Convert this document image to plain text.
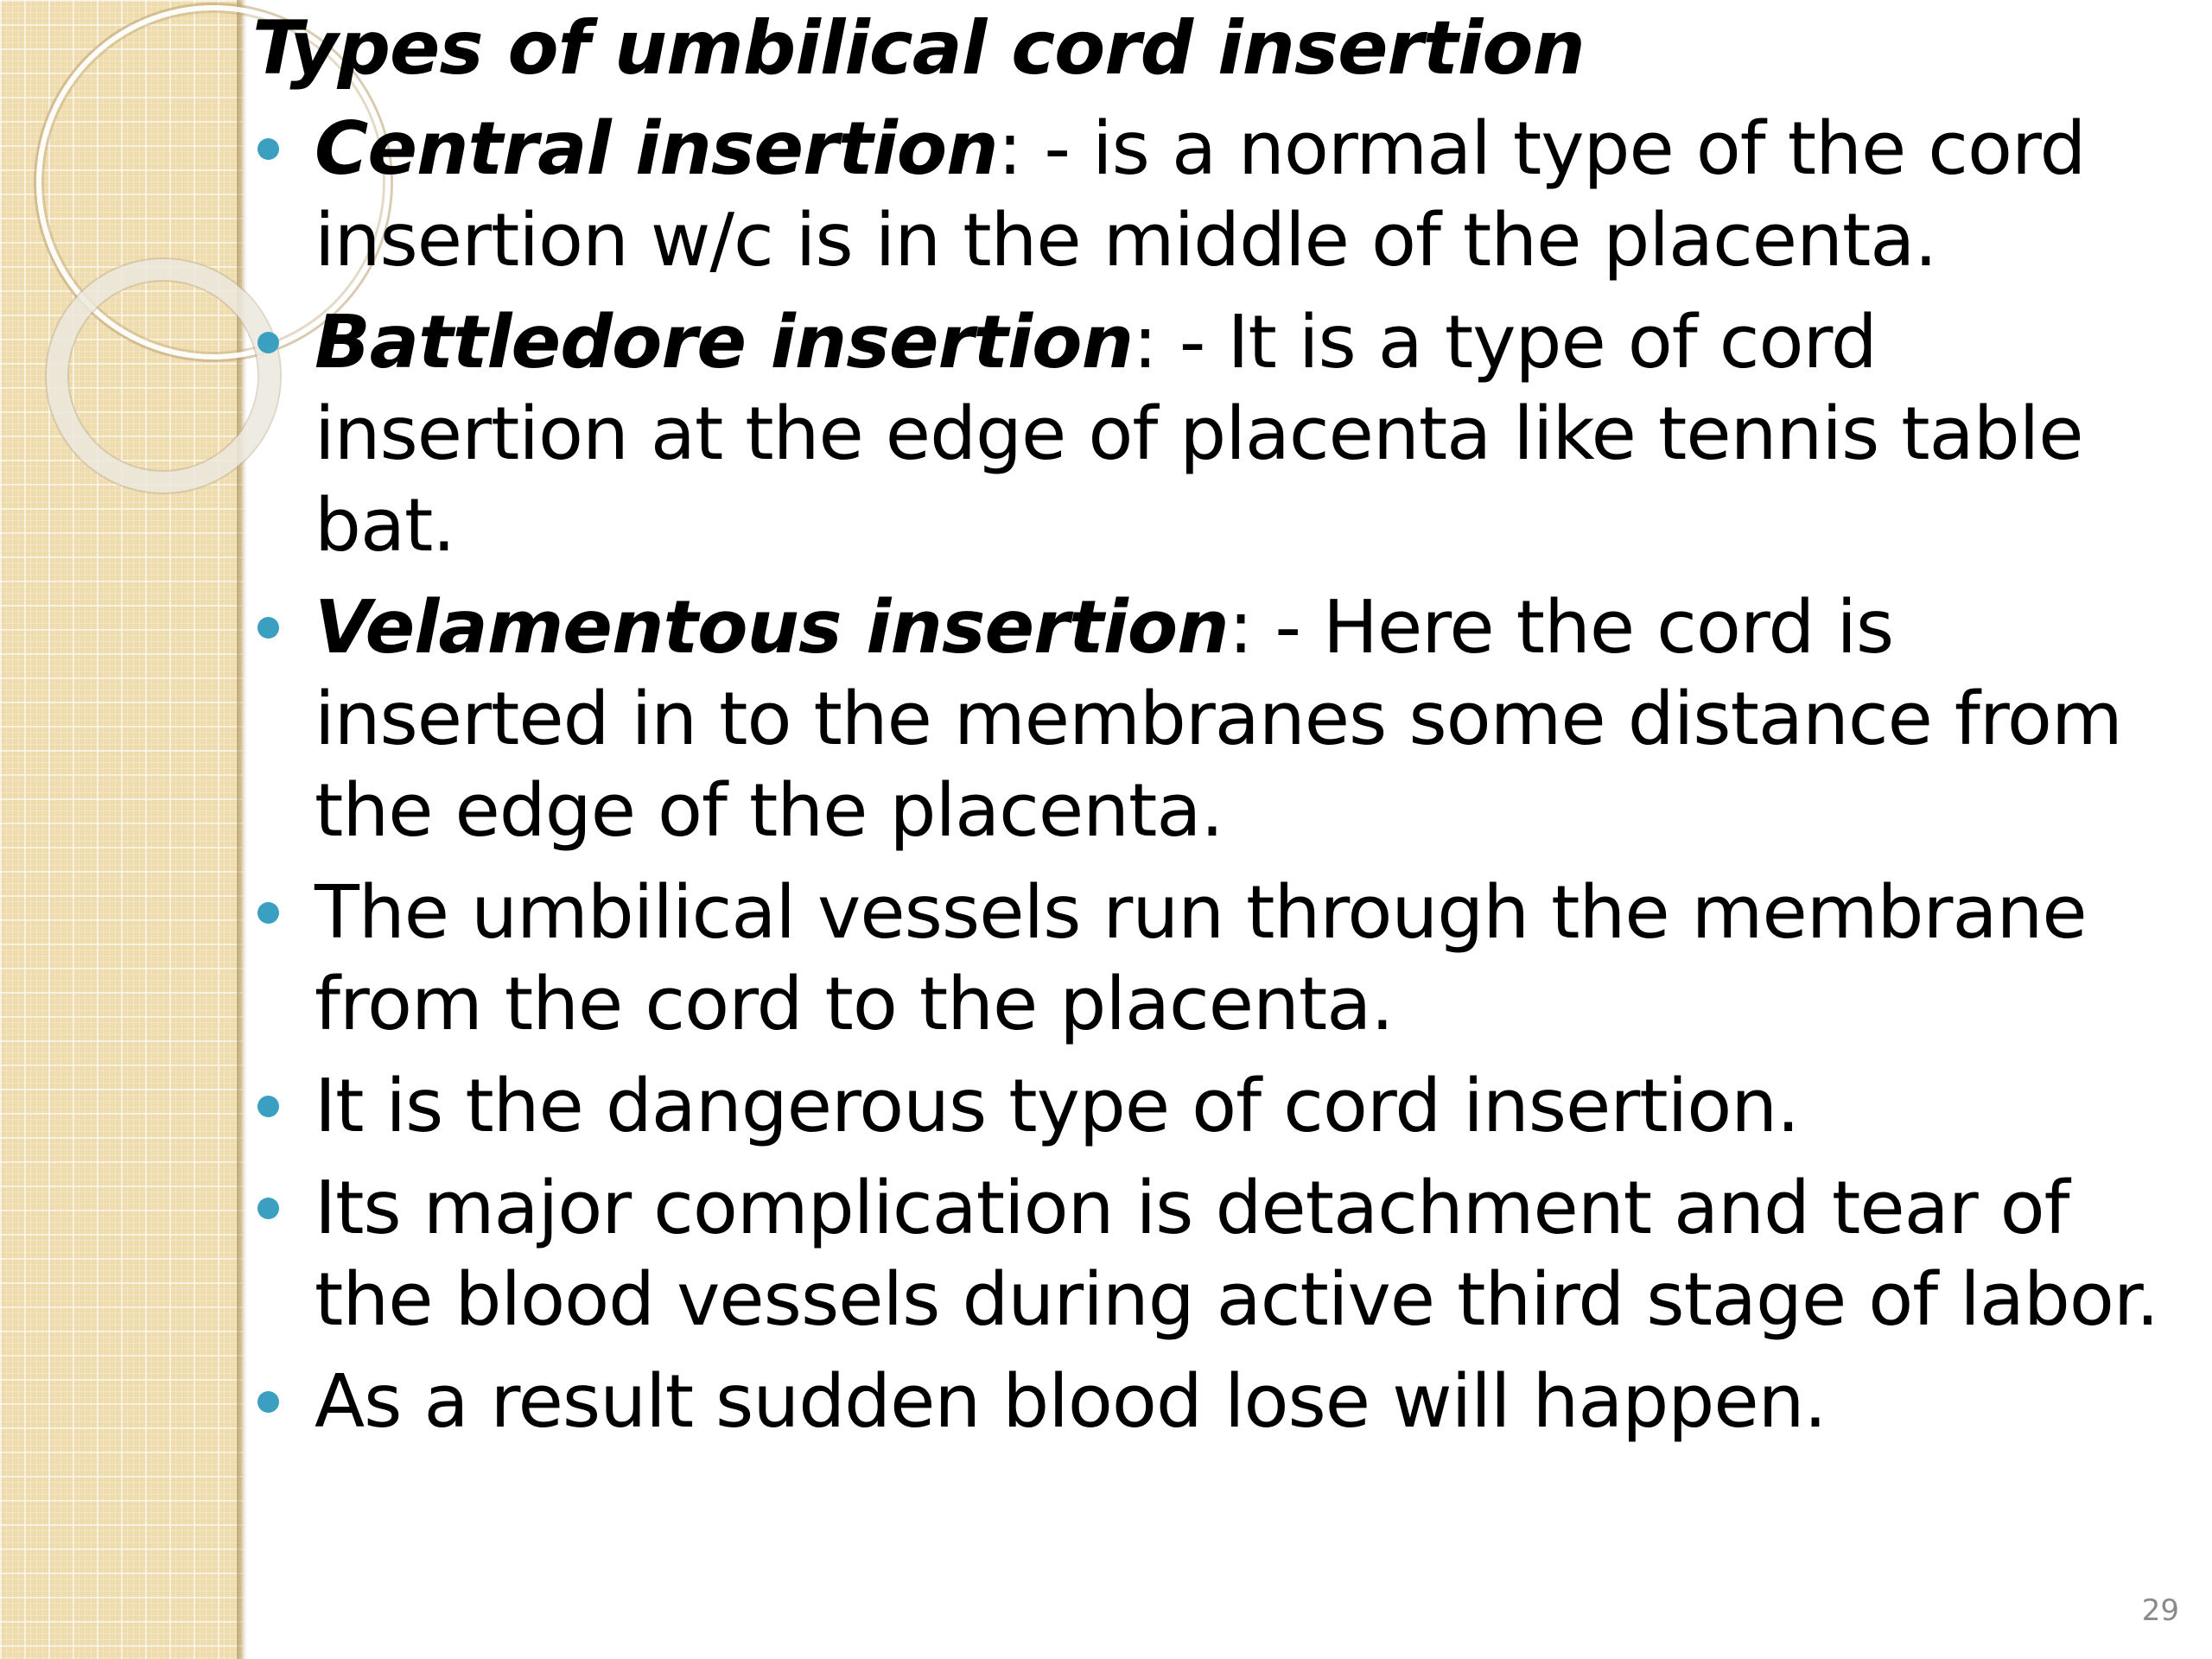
Types of umbilical cord insertion
Central insertion: - is a normal type of the cord insertion w/c is in the middle of the placenta.
Battledore insertion: - It is a type of cord insertion at the edge of placenta like tennis table bat.
Velamentous insertion: - Here the cord is inserted in to the membranes some distance from the edge of the placenta.
The umbilical vessels run through the membrane from the cord to the placenta.
It is the dangerous type of cord insertion.
Its major complication is detachment and tear of the blood vessels during active third stage of labor.
As a result sudden blood lose will happen.
29
